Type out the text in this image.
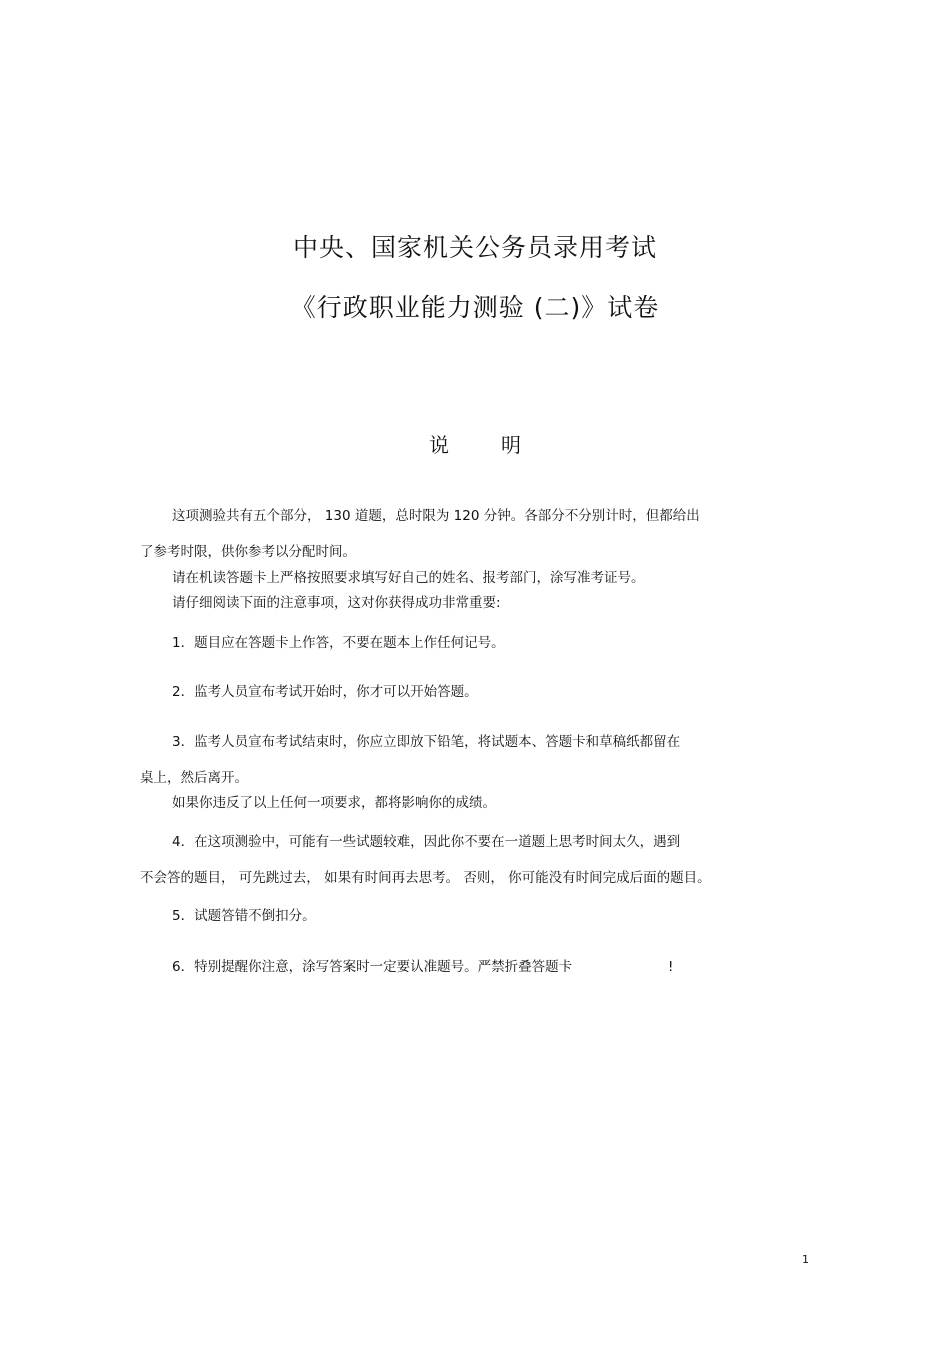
中央、国家机关公务员录用考试
《行政职业能力测验 (二)》试卷
说	明
这项测验共有五个部分， 130 道题，总时限为 120 分钟。各部分不分别计时，但都给出
了参考时限，供你参考以分配时间。
请在机读答题卡上严格按照要求填写好自己的姓名、报考部门，涂写准考证号。
请仔细阅读下面的注意事项，这对你获得成功非常重要:
1．题目应在答题卡上作答，不要在题本上作任何记号。
2．监考人员宣布考试开始时，你才可以开始答题。
3．监考人员宣布考试结束时，你应立即放下铅笔，将试题本、答题卡和草稿纸都留在
桌上，然后离开。
如果你违反了以上任何一项要求，都将影响你的成绩。
4．在这项测验中，可能有一些试题较难，因此你不要在一道题上思考时间太久，遇到
不会答的题目， 可先跳过去， 如果有时间再去思考。 否则， 你可能没有时间完成后面的题目。
5．试题答错不倒扣分。
6．特别提醒你注意，涂写答案时一定要认准题号。严禁折叠答题卡	!
1
